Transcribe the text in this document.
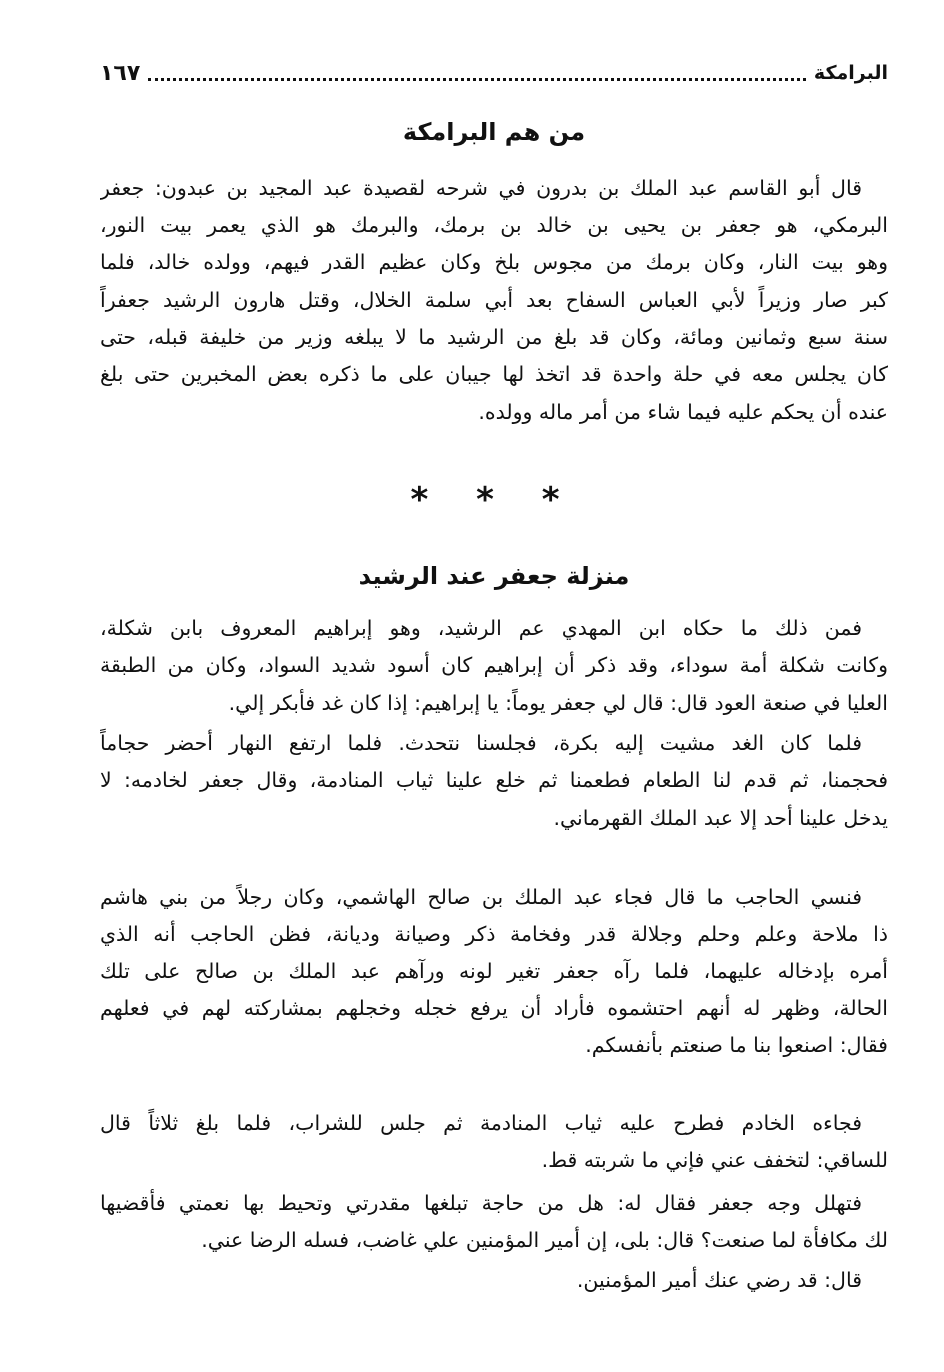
البرامكة
١٦٧
من هم البرامكة
قال أبو القاسم عبد الملك بن بدرون في شرحه لقصيدة عبد المجيد بن عبدون: جعفر
البرمكي، هو جعفر بن يحيى بن خالد بن برمك، والبرمك هو الذي يعمر بيت النور،
وهو بيت النار، وكان برمك من مجوس بلخ وكان عظيم القدر فيهم، وولده خالد، فلما
كبر صار وزيراً لأبي العباس السفاح بعد أبي سلمة الخلال، وقتل هارون الرشيد جعفراً
سنة سبع وثمانين ومائة، وكان قد بلغ من الرشيد ما لا يبلغه وزير من خليفة قبله، حتى
كان يجلس معه في حلة واحدة قد اتخذ لها جيبان على ما ذكره بعض المخبرين حتى بلغ
عنده أن يحكم عليه فيما شاء من أمر ماله وولده.
* * *
منزلة جعفر عند الرشيد
فمن ذلك ما حكاه ابن المهدي عم الرشيد، وهو إبراهيم المعروف بابن شكلة،
وكانت شكلة أمة سوداء، وقد ذكر أن إبراهيم كان أسود شديد السواد، وكان من الطبقة
العليا في صنعة العود قال: قال لي جعفر يوماً: يا إبراهيم: إذا كان غد فأبكر إلي.
فلما كان الغد مشيت إليه بكرة، فجلسنا نتحدث. فلما ارتفع النهار أحضر حجاماً
فحجمنا، ثم قدم لنا الطعام فطعمنا ثم خلع علينا ثياب المنادمة، وقال جعفر لخادمه: لا
يدخل علينا أحد إلا عبد الملك القهرماني.
فنسي الحاجب ما قال فجاء عبد الملك بن صالح الهاشمي، وكان رجلاً من بني هاشم
ذا ملاحة وعلم وحلم وجلالة قدر وفخامة ذكر وصيانة وديانة، فظن الحاجب أنه الذي
أمره بإدخاله عليهما، فلما رآه جعفر تغير لونه ورآهم عبد الملك بن صالح على تلك
الحالة، وظهر له أنهم احتشموه فأراد أن يرفع خجله وخجلهم بمشاركته لهم في فعلهم
فقال: اصنعوا بنا ما صنعتم بأنفسكم.
فجاءه الخادم فطرح عليه ثياب المنادمة ثم جلس للشراب، فلما بلغ ثلاثاً قال
للساقي: لتخفف عني فإني ما شربته قط.
فتهلل وجه جعفر فقال له: هل من حاجة تبلغها مقدرتي وتحيط بها نعمتي فأقضيها
لك مكافأة لما صنعت؟ قال: بلى، إن أمير المؤمنين علي غاضب، فسله الرضا عني.
قال: قد رضي عنك أمير المؤمنين.
